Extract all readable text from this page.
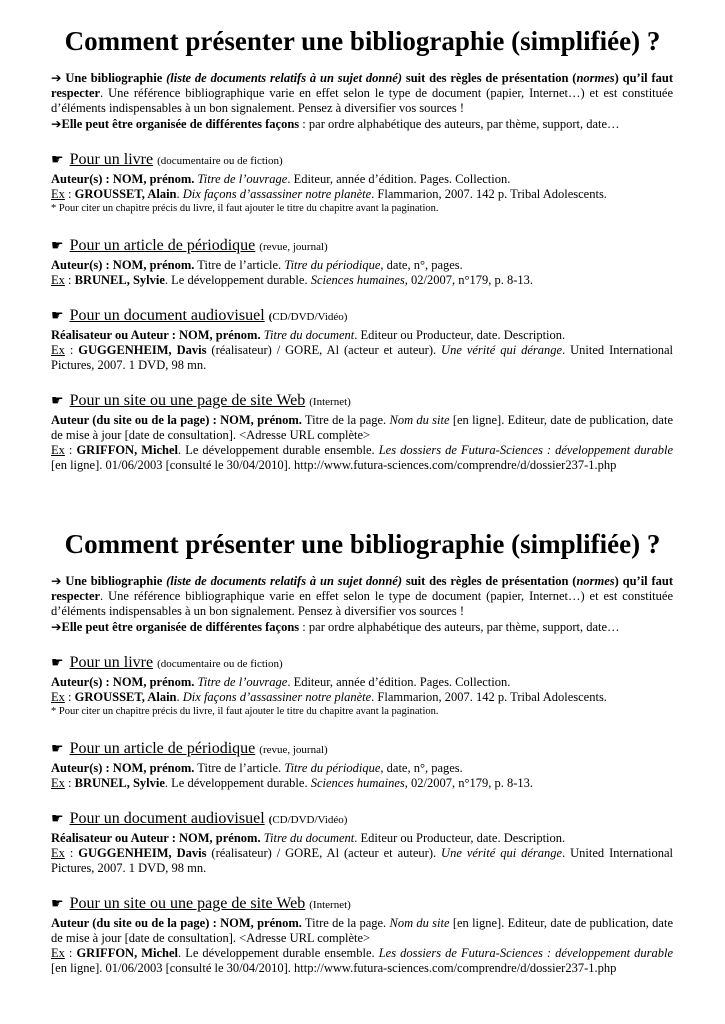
Comment présenter une bibliographie (simplifiée) ?

➔ Une bibliographie (liste de documents relatifs à un sujet donné) suit des règles de présentation (normes) qu’il faut respecter. Une référence bibliographique varie en effet selon le type de document (papier, Internet…) et est constituée d’éléments indispensables à un bon signalement. Pensez à diversifier vos sources !

➔Elle peut être organisée de différentes façons : par ordre alphabétique des auteurs, par thème, support, date…

☛ Pour un livre (documentaire ou de fiction)

Auteur(s) : NOM, prénom. Titre de l’ouvrage. Editeur, année d’édition. Pages. Collection.

Ex : GROUSSET, Alain. Dix façons d’assassiner notre planète. Flammarion, 2007. 142 p. Tribal Adolescents.

* Pour citer un chapitre précis du livre, il faut ajouter le titre du chapitre avant la pagination.

☛ Pour un article de périodique (revue, journal)

Auteur(s) : NOM, prénom. Titre de l’article. Titre du périodique, date, n°, pages.

Ex : BRUNEL, Sylvie. Le développement durable. Sciences humaines, 02/2007, n°179, p. 8-13.

☛ Pour un document audiovisuel (CD/DVD/Vidéo)

Réalisateur ou Auteur : NOM, prénom. Titre du document. Editeur ou Producteur, date. Description.

Ex : GUGGENHEIM, Davis (réalisateur) / GORE, Al (acteur et auteur). Une vérité qui dérange. United International Pictures, 2007. 1 DVD, 98 mn.

☛ Pour un site ou une page de site Web (Internet)

Auteur (du site ou de la page) : NOM, prénom. Titre de la page. Nom du site [en ligne]. Editeur, date de publication, date de mise à jour [date de consultation]. <Adresse URL complète>

Ex : GRIFFON, Michel. Le développement durable ensemble. Les dossiers de Futura-Sciences : développement durable [en ligne]. 01/06/2003 [consulté le 30/04/2010]. http://www.futura-sciences.com/comprendre/d/dossier237-1.php

Comment présenter une bibliographie (simplifiée) ?

➔ Une bibliographie (liste de documents relatifs à un sujet donné) suit des règles de présentation (normes) qu’il faut respecter. Une référence bibliographique varie en effet selon le type de document (papier, Internet…) et est constituée d’éléments indispensables à un bon signalement. Pensez à diversifier vos sources !

➔Elle peut être organisée de différentes façons : par ordre alphabétique des auteurs, par thème, support, date…

☛ Pour un livre (documentaire ou de fiction)

Auteur(s) : NOM, prénom. Titre de l’ouvrage. Editeur, année d’édition. Pages. Collection.

Ex : GROUSSET, Alain. Dix façons d’assassiner notre planète. Flammarion, 2007. 142 p. Tribal Adolescents.

* Pour citer un chapitre précis du livre, il faut ajouter le titre du chapitre avant la pagination.

☛ Pour un article de périodique (revue, journal)

Auteur(s) : NOM, prénom. Titre de l’article. Titre du périodique, date, n°, pages.

Ex : BRUNEL, Sylvie. Le développement durable. Sciences humaines, 02/2007, n°179, p. 8-13.

☛ Pour un document audiovisuel (CD/DVD/Vidéo)

Réalisateur ou Auteur : NOM, prénom. Titre du document. Editeur ou Producteur, date. Description.

Ex : GUGGENHEIM, Davis (réalisateur) / GORE, Al (acteur et auteur). Une vérité qui dérange. United International Pictures, 2007. 1 DVD, 98 mn.

☛ Pour un site ou une page de site Web (Internet)

Auteur (du site ou de la page) : NOM, prénom. Titre de la page. Nom du site [en ligne]. Editeur, date de publication, date de mise à jour [date de consultation]. <Adresse URL complète>

Ex : GRIFFON, Michel. Le développement durable ensemble. Les dossiers de Futura-Sciences : développement durable [en ligne]. 01/06/2003 [consulté le 30/04/2010]. http://www.futura-sciences.com/comprendre/d/dossier237-1.php
